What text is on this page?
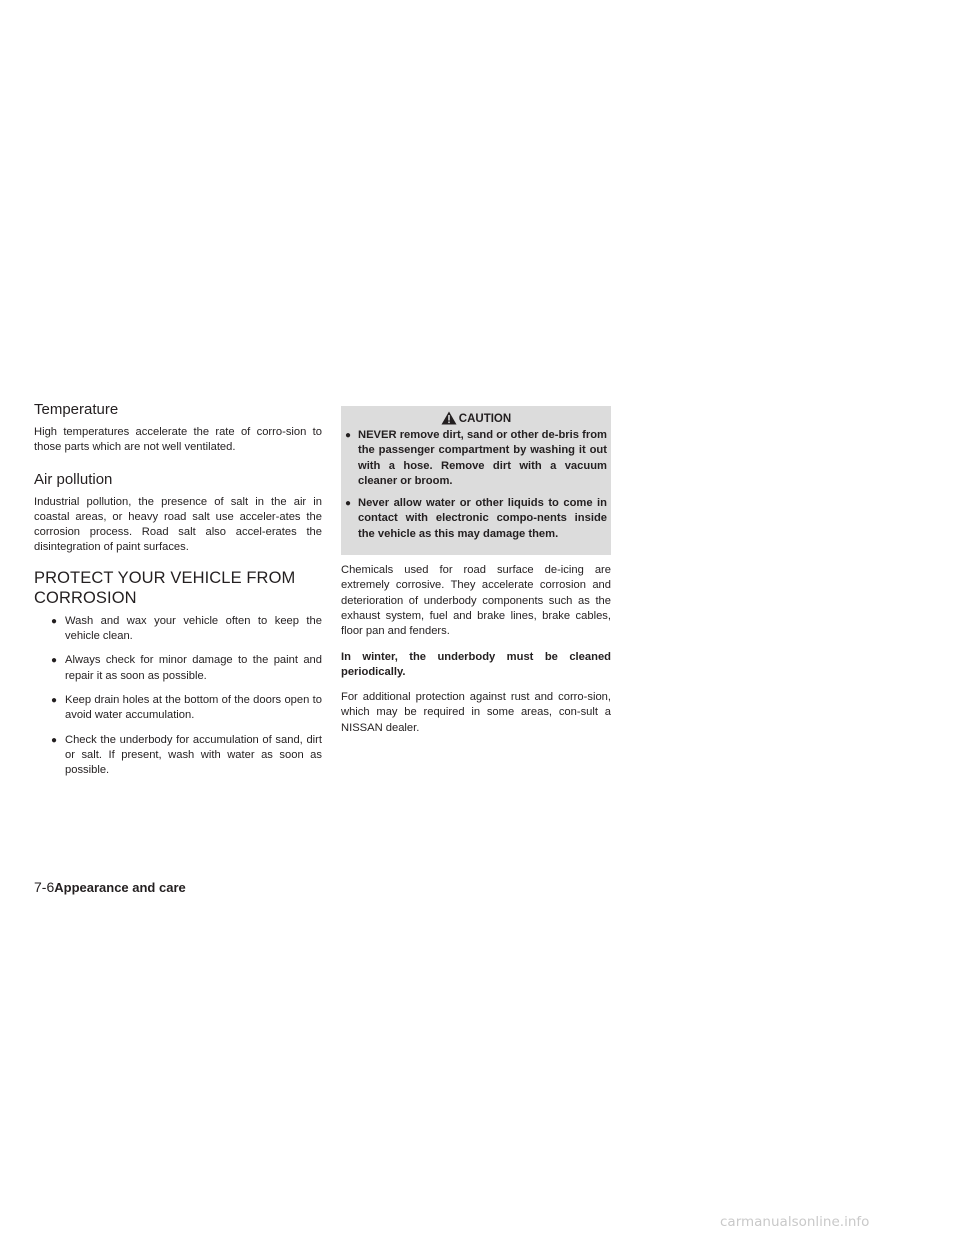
Temperature

High temperatures accelerate the rate of corro-sion to those parts which are not well ventilated.

Air pollution

Industrial pollution, the presence of salt in the air in coastal areas, or heavy road salt use acceler-ates the corrosion process. Road salt also accel-erates the disintegration of paint surfaces.

PROTECT YOUR VEHICLE FROM
CORROSION
● Wash and wax your vehicle often to keep the vehicle clean.
● Always check for minor damage to the paint and repair it as soon as possible.
● Keep drain holes at the bottom of the doors open to avoid water accumulation.
● Check the underbody for accumulation of sand, dirt or salt. If present, wash with water as soon as possible.
CAUTION
● NEVER remove dirt, sand or other de-bris from the passenger compartment by washing it out with a hose. Remove dirt with a vacuum cleaner or broom.
● Never allow water or other liquids to come in contact with electronic compo-nents inside the vehicle as this may damage them.

Chemicals used for road surface de-icing are extremely corrosive. They accelerate corrosion and deterioration of underbody components such as the exhaust system, fuel and brake lines, brake cables, floor pan and fenders.

In winter, the underbody must be cleaned periodically.

For additional protection against rust and corro-sion, which may be required in some areas, con-sult a NISSAN dealer.

7-6Appearance and care
carmanualsonline.info
